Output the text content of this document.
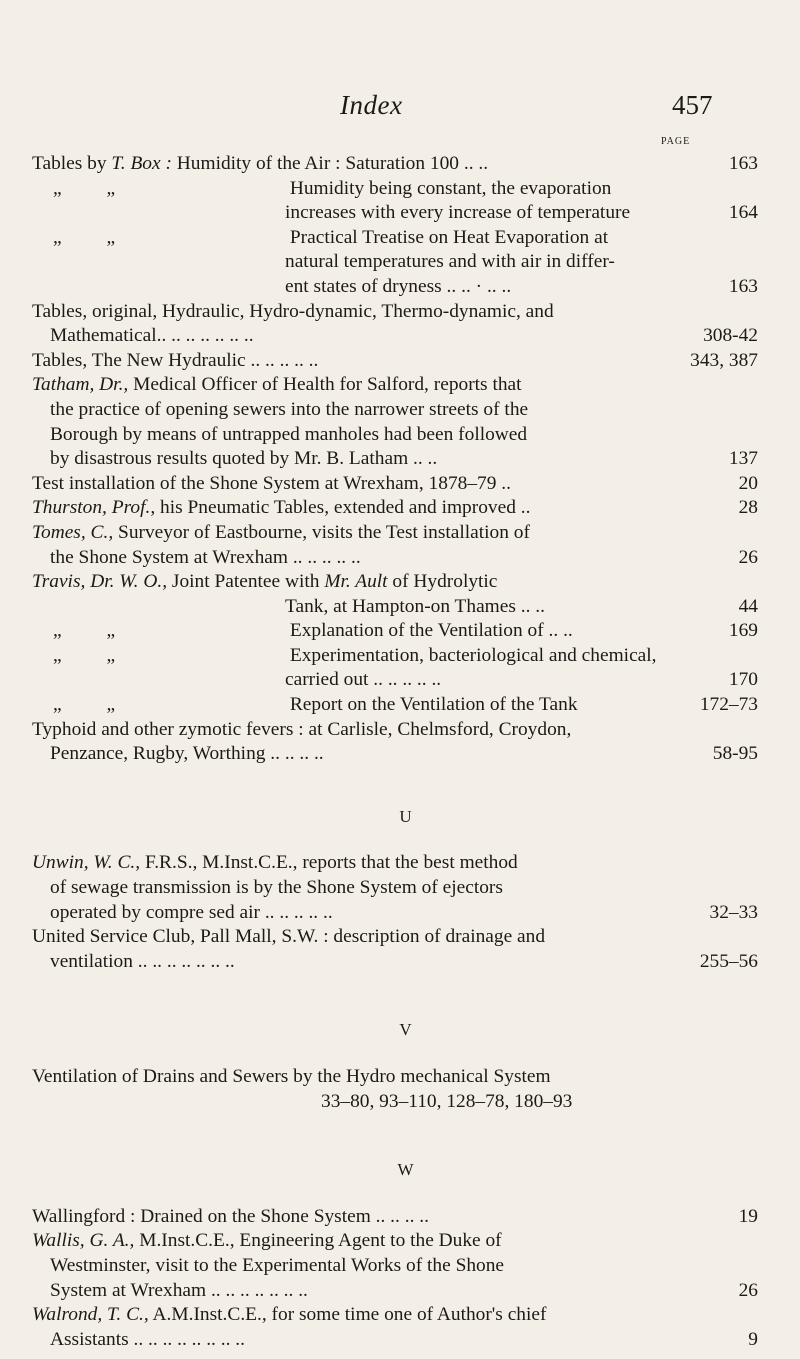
Index	457
PAGE
Tables by T. Box : Humidity of the Air : Saturation 100 .. ..	163
„ „	Humidity being constant, the evaporation
increases with every increase of temperature	164
„ „	Practical Treatise on Heat Evaporation at
natural temperatures and with air in differ-
ent states of dryness .. .. · .. ..	163
Tables, original, Hydraulic, Hydro-dynamic, Thermo-dynamic, and
Mathematical.. .. .. .. .. .. ..	308-42
Tables, The New Hydraulic .. .. .. .. ..	343, 387
Tatham, Dr., Medical Officer of Health for Salford, reports that
the practice of opening sewers into the narrower streets of the
Borough by means of untrapped manholes had been followed
by disastrous results quoted by Mr. B. Latham .. ..	137
Test installation of the Shone System at Wrexham, 1878–79 ..	20
Thurston, Prof., his Pneumatic Tables, extended and improved ..	28
Tomes, C., Surveyor of Eastbourne, visits the Test installation of
the Shone System at Wrexham .. .. .. .. ..	26
Travis, Dr. W. O., Joint Patentee with Mr. Ault of Hydrolytic
Tank, at Hampton-on Thames .. ..	44
„ „	Explanation of the Ventilation of .. ..	169
„ „	Experimentation, bacteriological and chemical,
carried out .. .. .. .. ..	170
„ „	Report on the Ventilation of the Tank	172–73
Typhoid and other zymotic fevers : at Carlisle, Chelmsford, Croydon,
Penzance, Rugby, Worthing .. .. .. ..	58-95
U
Unwin, W. C., F.R.S., M.Inst.C.E., reports that the best method
of sewage transmission is by the Shone System of ejectors
operated by compre sed air .. .. .. .. ..	32–33
United Service Club, Pall Mall, S.W. : description of drainage and
ventilation .. .. .. .. .. .. ..	255–56
V
Ventilation of Drains and Sewers by the Hydro mechanical System
33–80, 93–110, 128–78, 180–93
W
Wallingford : Drained on the Shone System .. .. .. ..	19
Wallis, G. A., M.Inst.C.E., Engineering Agent to the Duke of
Westminster, visit to the Experimental Works of the Shone
System at Wrexham .. .. .. .. .. .. ..	26
Walrond, T. C., A.M.Inst.C.E., for some time one of Author's chief
Assistants .. .. .. .. .. .. .. ..	9
